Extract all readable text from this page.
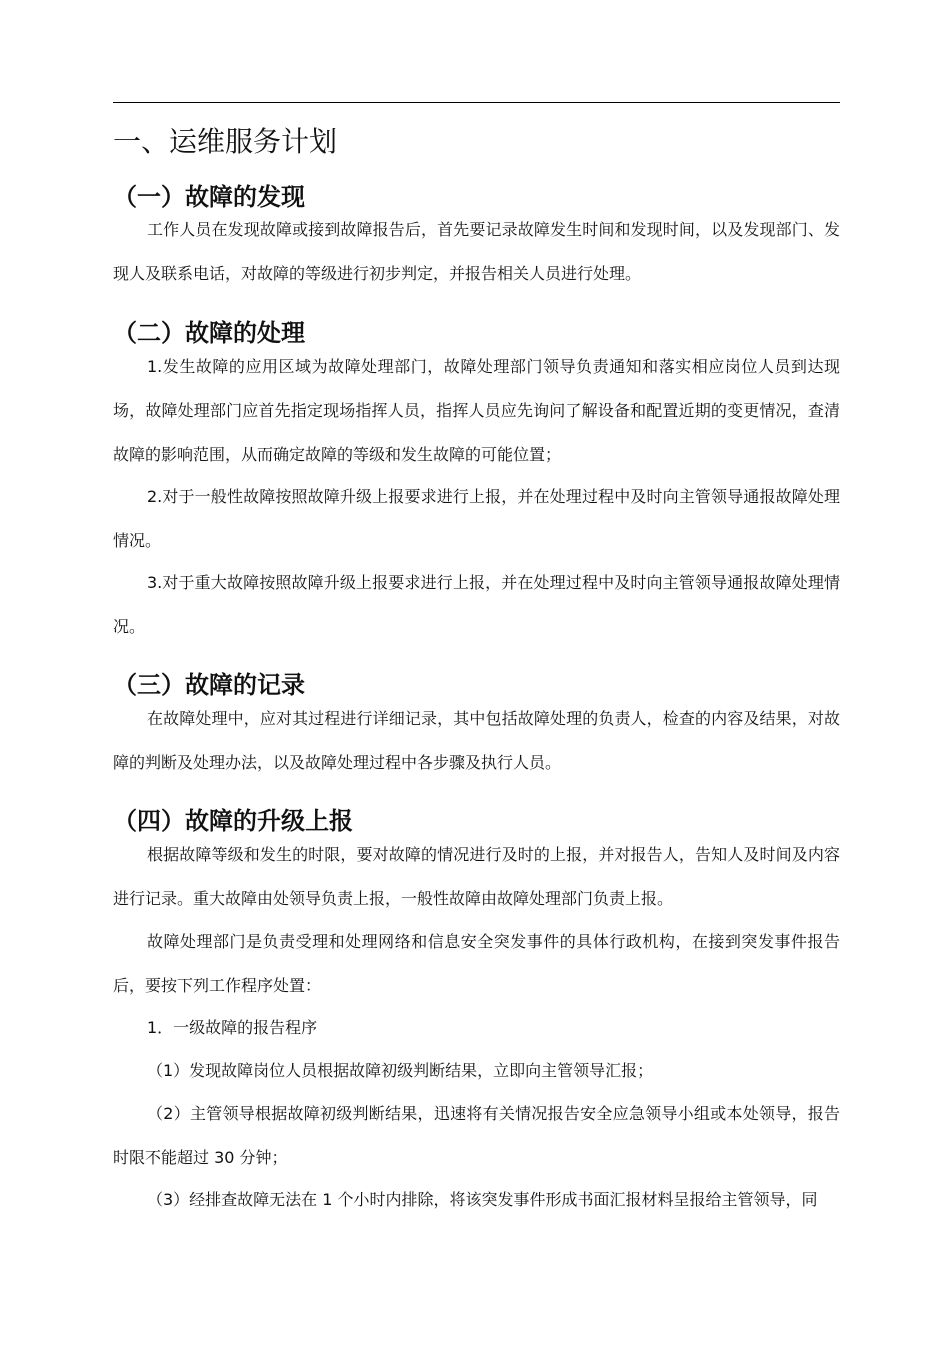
一、运维服务计划
（一）故障的发现

工作人员在发现故障或接到故障报告后，首先要记录故障发生时间和发现时间，以及发现部门、发现人及联系电话，对故障的等级进行初步判定，并报告相关人员进行处理。

（二）故障的处理

1.发生故障的应用区域为故障处理部门，故障处理部门领导负责通知和落实相应岗位人员到达现场，故障处理部门应首先指定现场指挥人员，指挥人员应先询问了解设备和配置近期的变更情况，查清故障的影响范围，从而确定故障的等级和发生故障的可能位置；

2.对于一般性故障按照故障升级上报要求进行上报，并在处理过程中及时向主管领导通报故障处理情况。

3.对于重大故障按照故障升级上报要求进行上报，并在处理过程中及时向主管领导通报故障处理情况。

（三）故障的记录

在故障处理中，应对其过程进行详细记录，其中包括故障处理的负责人，检查的内容及结果，对故障的判断及处理办法，以及故障处理过程中各步骤及执行人员。

（四）故障的升级上报

根据故障等级和发生的时限，要对故障的情况进行及时的上报，并对报告人，告知人及时间及内容进行记录。重大故障由处领导负责上报，一般性故障由故障处理部门负责上报。

故障处理部门是负责受理和处理网络和信息安全突发事件的具体行政机构，在接到突发事件报告后，要按下列工作程序处置：

1．一级故障的报告程序

（1）发现故障岗位人员根据故障初级判断结果，立即向主管领导汇报；

（2）主管领导根据故障初级判断结果，迅速将有关情况报告安全应急领导小组或本处领导，报告时限不能超过 30 分钟；

（3）经排查故障无法在 1 个小时内排除，将该突发事件形成书面汇报材料呈报给主管领导，同
